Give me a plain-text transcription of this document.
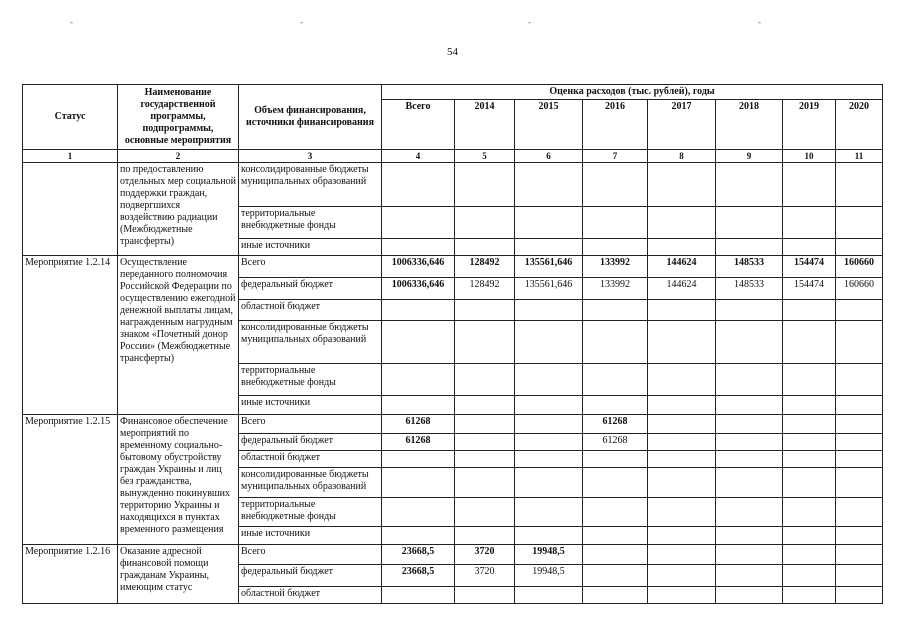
-	-	-	-
54
Статус	Наименование государственной программы, подпрограммы, основные мероприятия	Объем финансирования, источники финансирования	Оценка расходов (тыс. рублей), годы							
			Всего	2014	2015	2016	2017	2018	2019	2020
1	2	3	4	5	6	7	8	9	10	11
	по предоставлению отдельных мер социальной поддержки граждан, подвергшихся воздействию радиации (Межбюджетные трансферты)	консолидированные бюджеты муниципальных образований								
		территориальные внебюджетные фонды								
		иные источники								
Мероприятие 1.2.14	Осуществление переданного полномочия Российской Федерации по осуществлению ежегодной денежной выплаты лицам, награжденным нагрудным знаком «Почетный донор России» (Межбюджетные трансферты)	Всего	1006336,646	128492	135561,646	133992	144624	148533	154474	160660
		федеральный бюджет	1006336,646	128492	135561,646	133992	144624	148533	154474	160660
		областной бюджет								
		консолидированные бюджеты муниципальных образований								
		территориальные внебюджетные фонды								
		иные источники								
Мероприятие 1.2.15	Финансовое обеспечение мероприятий по временному социально-бытовому обустройству граждан Украины и лиц без гражданства, вынужденно покинувших территорию Украины и находящихся в пунктах временного размещения	Всего	61268			61268				
		федеральный бюджет	61268			61268				
		областной бюджет								
		консолидированные бюджеты муниципальных образований								
		территориальные внебюджетные фонды								
		иные источники								
Мероприятие 1.2.16	Оказание адресной финансовой помощи гражданам Украины, имеющим статус	Всего	23668,5	3720	19948,5					
		федеральный бюджет	23668,5	3720	19948,5					
		областной бюджет								
